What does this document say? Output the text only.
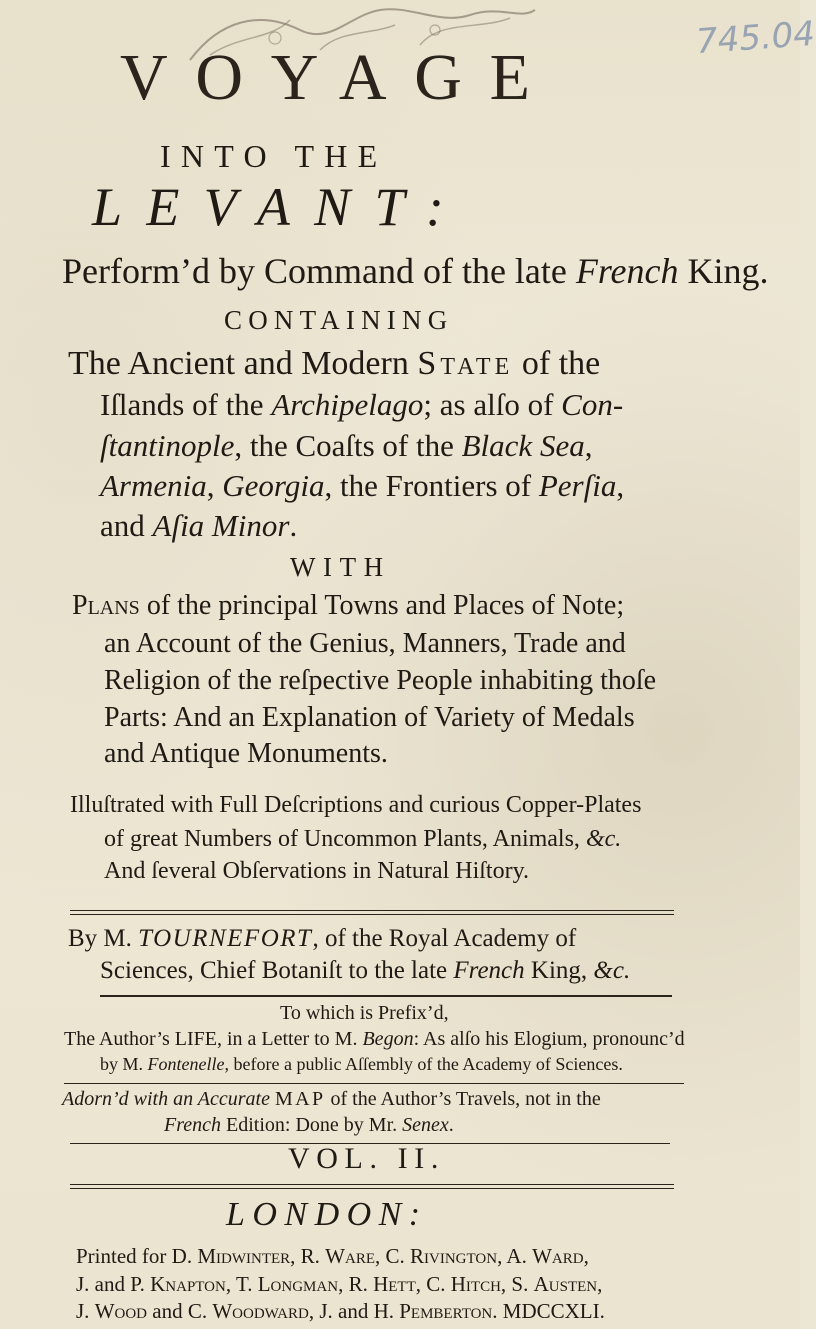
745.04
VOYAGE
INTO THE
LEVANT:
Perform’d by Command of the late French King.
CONTAINING
The Ancient and Modern State of the
Iſlands of the Archipelago; as alſo of Con-
ſtantinople, the Coaſts of the Black Sea,
Armenia, Georgia, the Frontiers of Perſia,
and Aſia Minor.
WITH
Plans of the principal Towns and Places of Note;
an Account of the Genius, Manners, Trade and
Religion of the reſpective People inhabiting thoſe
Parts: And an Explanation of Variety of Medals
and Antique Monuments.
Illuſtrated with Full Deſcriptions and curious Copper-Plates
of great Numbers of Uncommon Plants, Animals, &c.
And ſeveral Obſervations in Natural Hiſtory.
By M. TOURNEFORT, of the Royal Academy of
Sciences, Chief Botaniſt to the late French King, &c.
To which is Prefix’d,
The Author’s LIFE, in a Letter to M. Begon: As alſo his Elogium, pronounc’d
by M. Fontenelle, before a public Aſſembly of the Academy of Sciences.
Adorn’d with an Accurate MAP of the Author’s Travels, not in the
French Edition: Done by Mr. Senex.
VOL. II.
LONDON:
Printed for D. Midwinter, R. Ware, C. Rivington, A. Ward,
J. and P. Knapton, T. Longman, R. Hett, C. Hitch, S. Austen,
J. Wood and C. Woodward, J. and H. Pemberton. MDCCXLI.
